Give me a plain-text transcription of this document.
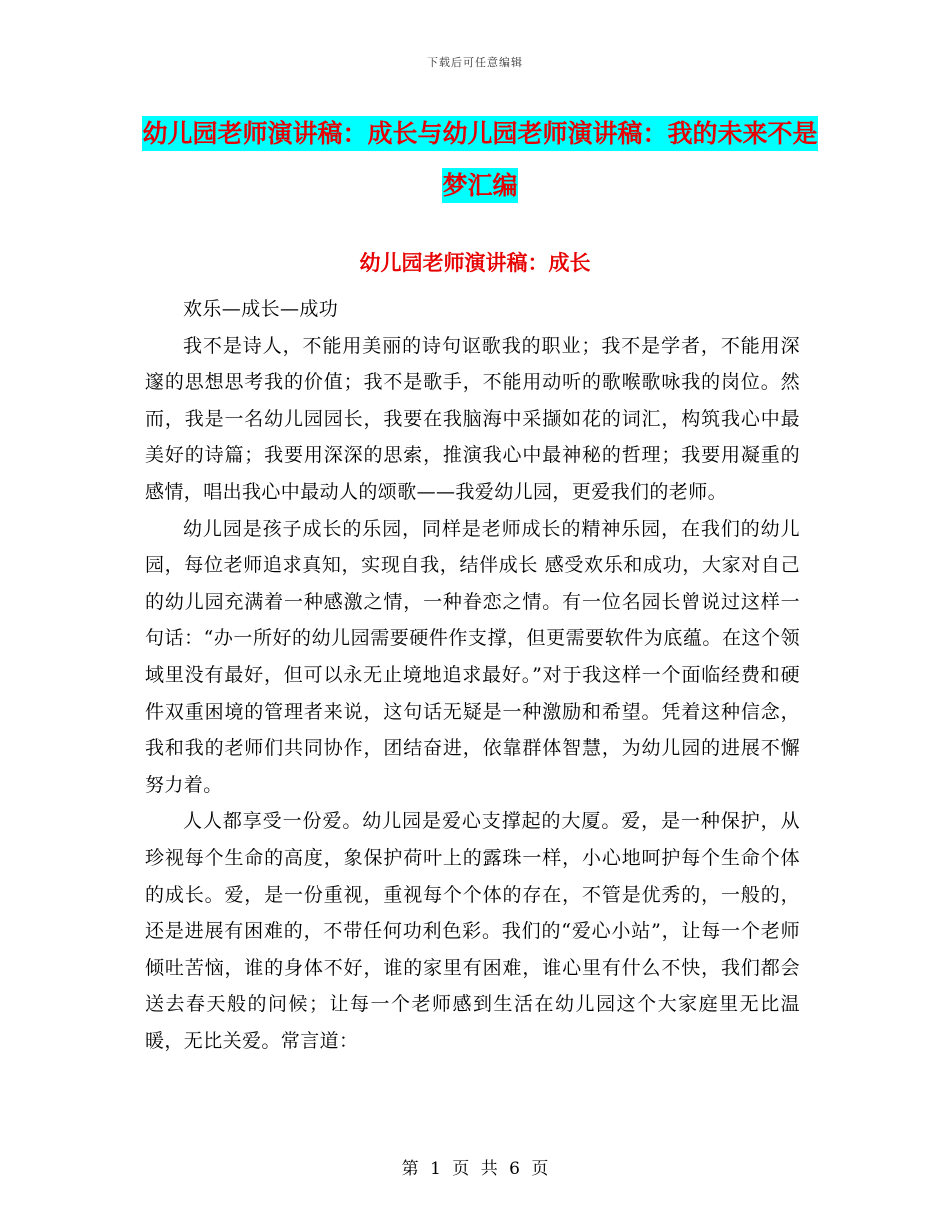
下载后可任意编辑
幼儿园老师演讲稿：成长与幼儿园老师演讲稿：我的未来不是梦汇编
幼儿园老师演讲稿：成长

欢乐—成长—成功

我不是诗人，不能用美丽的诗句讴歌我的职业；我不是学者，不能用深邃的思想思考我的价值；我不是歌手，不能用动听的歌喉歌咏我的岗位。然而，我是一名幼儿园园长，我要在我脑海中采撷如花的词汇，构筑我心中最美好的诗篇；我要用深深的思索，推演我心中最神秘的哲理；我要用凝重的感情，唱出我心中最动人的颂歌——我爱幼儿园，更爱我们的老师。

幼儿园是孩子成长的乐园，同样是老师成长的精神乐园，在我们的幼儿园，每位老师追求真知，实现自我，结伴成长 感受欢乐和成功，大家对自己的幼儿园充满着一种感激之情，一种眷恋之情。有一位名园长曾说过这样一句话：“办一所好的幼儿园需要硬件作支撑，但更需要软件为底蕴。在这个领域里没有最好，但可以永无止境地追求最好。”对于我这样一个面临经费和硬件双重困境的管理者来说，这句话无疑是一种激励和希望。凭着这种信念，我和我的老师们共同协作，团结奋进，依靠群体智慧，为幼儿园的进展不懈努力着。

人人都享受一份爱。幼儿园是爱心支撑起的大厦。爱，是一种保护，从珍视每个生命的高度，象保护荷叶上的露珠一样，小心地呵护每个生命个体的成长。爱，是一份重视，重视每个个体的存在，不管是优秀的，一般的，还是进展有困难的，不带任何功利色彩。我们的“爱心小站”，让每一个老师倾吐苦恼，谁的身体不好，谁的家里有困难，谁心里有什么不快，我们都会送去春天般的问候；让每一个老师感到生活在幼儿园这个大家庭里无比温暖，无比关爱。常言道：

第 1 页 共 6 页
